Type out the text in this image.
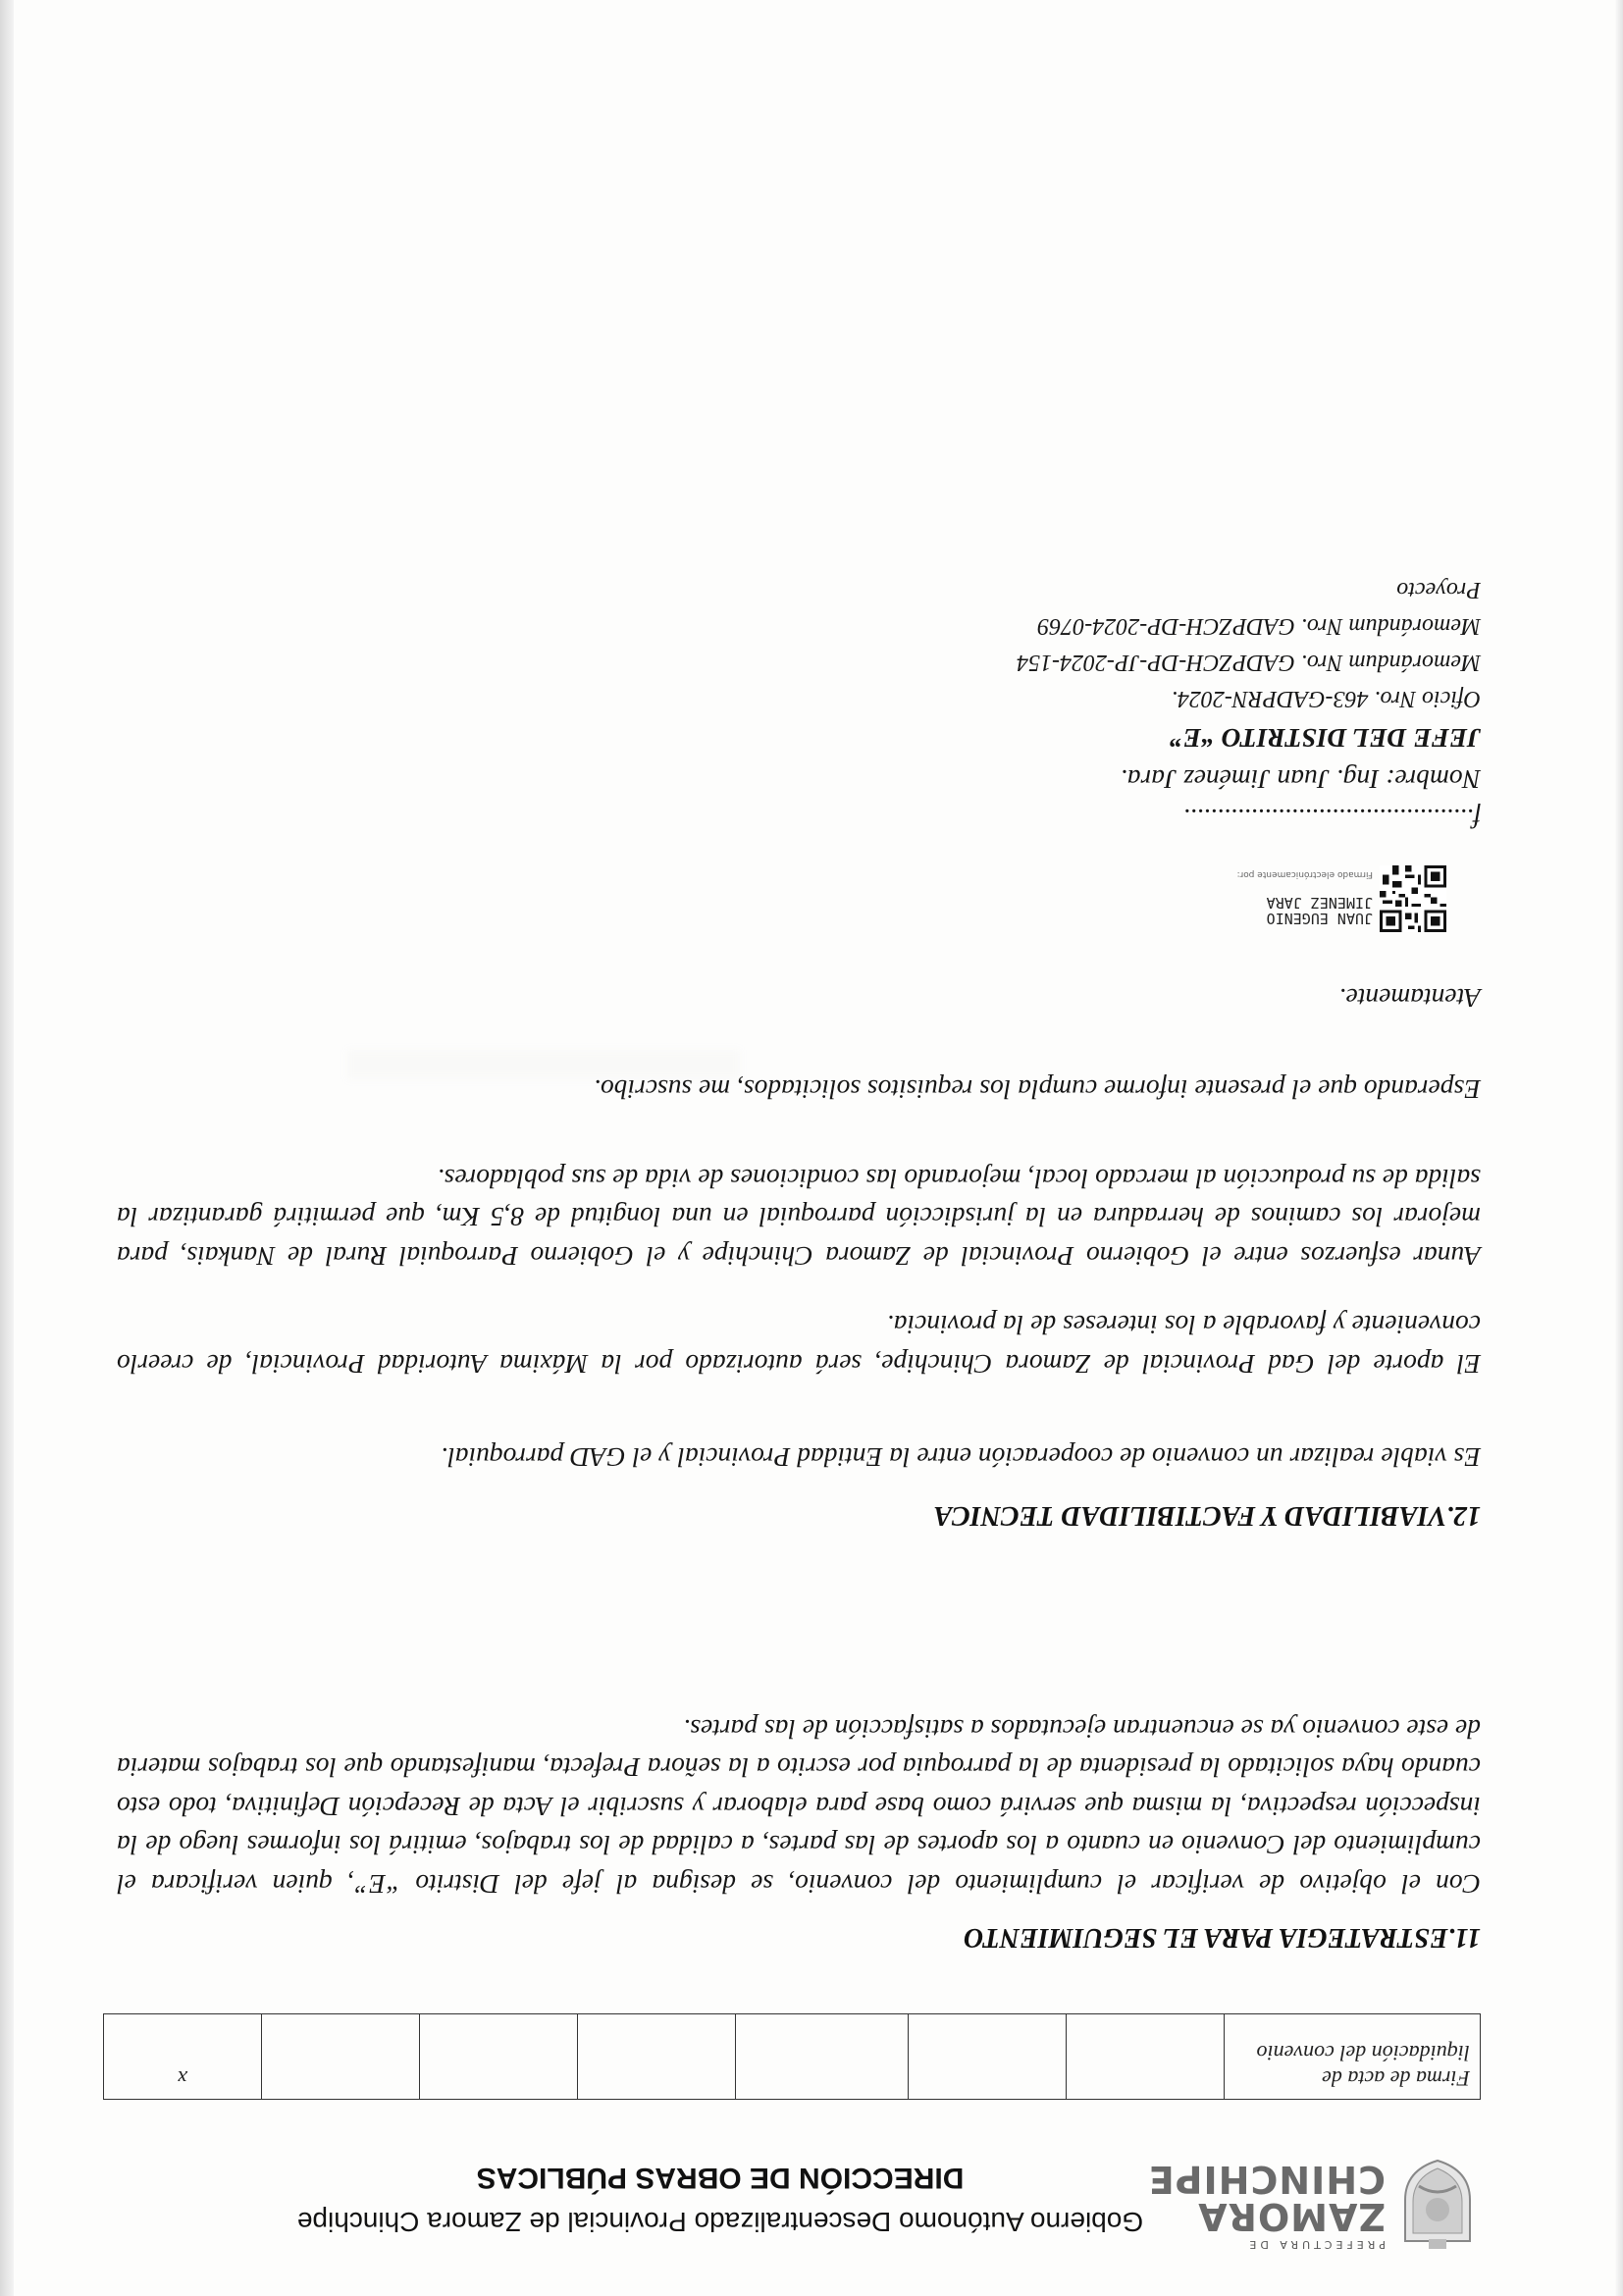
PREFECTURA DE
ZAMORA
CHINCHIPE
Gobierno Autónomo Descentralizado Provincial de Zamora Chinchipe
DIRECCIÓN DE OBRAS PÚBLICAS
Firma de acta de liquidación del convenio							x
11.ESTRATEGIA PARA EL SEGUIMIENTO

Con el objetivo de verificar el cumplimiento del convenio, se designa al jefe del Distrito “E”, quien verificara el cumplimiento del Convenio en cuanto a los aportes de las partes, a calidad de los trabajos, emitirá los informes luego de la inspección respectiva, la misma que servirá como base para elaborar y suscribir el Acta de Recepción Definitiva, todo esto cuando haya solicitado la presidenta de la parroquia por escrito a la señora Prefecta, manifestando que los trabajos materia de este convenio ya se encuentran ejecutados a satisfacción de las partes.

12.VIABILIDAD Y FACTIBILIDAD TECNICA

Es viable realizar un convenio de cooperación entre la Entidad Provincial y el GAD parroquial.

El aporte del Gad Provincial de Zamora Chinchipe, será autorizado por la Máxima Autoridad Provincial, de creerlo conveniente y favorable a los intereses de la provincia.

Aunar esfuerzos entre el Gobierno Provincial de Zamora Chinchipe y el Gobierno Parroquial Rural de Nankais, para mejorar los caminos de herradura en la jurisdicción parroquial en una longitud de 8,5 Km, que permitirá garantizar la salida de su producción al mercado local, mejorando las condiciones de vida de sus pobladores.

Esperando que el presente informe cumpla los requisitos solicitados, me suscribo.

Atentamente.
Firmado electrónicamente por:
JUAN EUGENIO
JIMENEZ JARA
f...........................................
Nombre: Ing. Juan Jiménez Jara.
JEFE DEL DISTRITO “E”
Oficio Nro. 463-GADPRN-2024.
Memorándum Nro. GADPZCH-DP-JP-2024-154
Memorándum Nro. GADPZCH-DP-2024-0769
Proyecto
